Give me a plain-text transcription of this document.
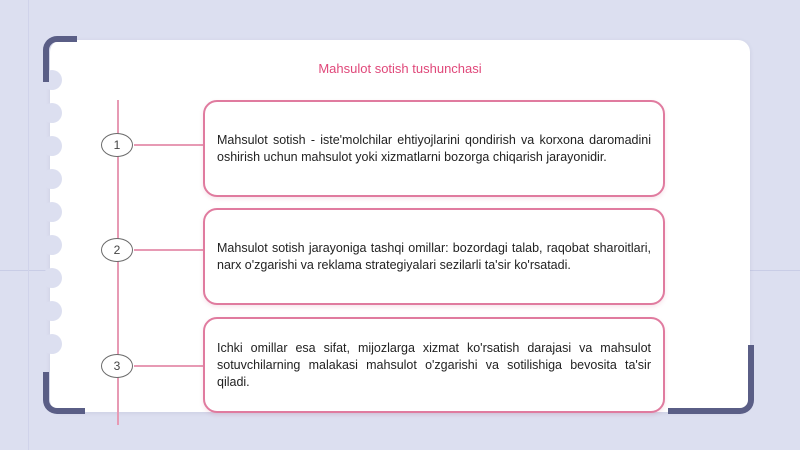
Mahsulot sotish tushunchasi
1	Mahsulot sotish - iste'molchilar ehtiyojlarini qondirish va korxona daromadini oshirish uchun mahsulot yoki xizmatlarni bozorga chiqarish jarayonidir.

2	Mahsulot sotish jarayoniga tashqi omillar: bozordagi talab, raqobat sharoitlari, narx o'zgarishi va reklama strategiyalari sezilarli ta'sir ko'rsatadi.

3

Ichki omillar esa sifat, mijozlarga xizmat ko'rsatish darajasi va mahsulot sotuvchilarning malakasi mahsulot o'zgarishi va sotilishiga bevosita ta'sir qiladi.
